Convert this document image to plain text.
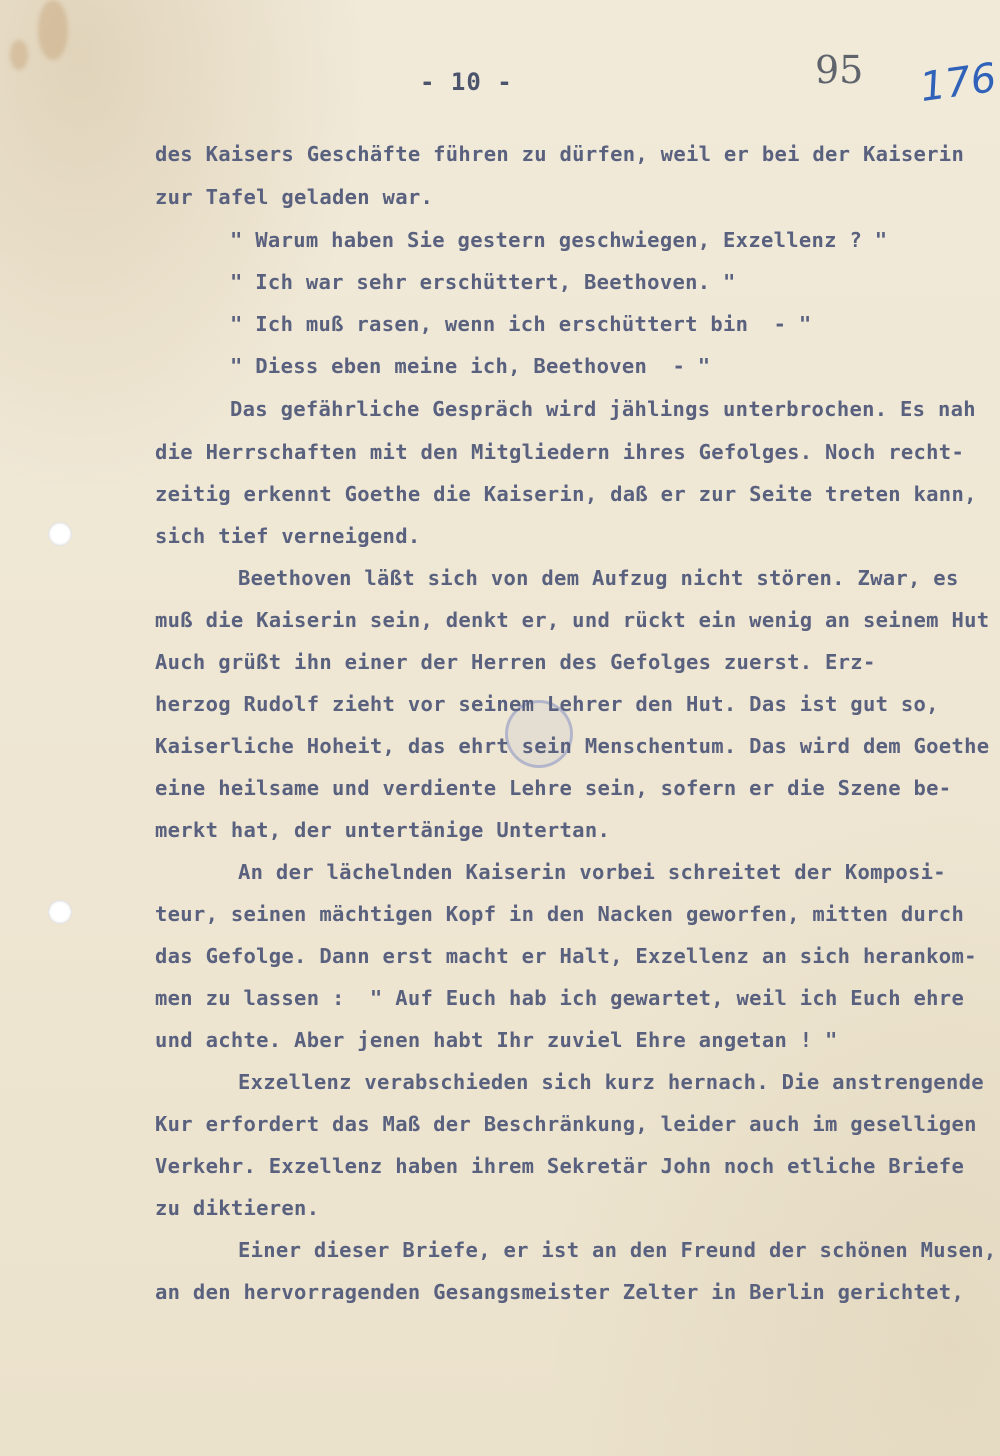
- 10 -	95 176
des Kaisers Geschäfte führen zu dürfen, weil er bei der Kaiserin
zur Tafel geladen war.
" Warum haben Sie gestern geschwiegen, Exzellenz ? "
" Ich war sehr erschüttert, Beethoven. "
" Ich muß rasen, wenn ich erschüttert bin  - "
" Diess eben meine ich, Beethoven  - "
Das gefährliche Gespräch wird jählings unterbrochen. Es nah
die Herrschaften mit den Mitgliedern ihres Gefolges. Noch recht-
zeitig erkennt Goethe die Kaiserin, daß er zur Seite treten kann,
sich tief verneigend.
Beethoven läßt sich von dem Aufzug nicht stören. Zwar, es
muß die Kaiserin sein, denkt er, und rückt ein wenig an seinem Hut
Auch grüßt ihn einer der Herren des Gefolges zuerst. Erz-
herzog Rudolf zieht vor seinem Lehrer den Hut. Das ist gut so,
Kaiserliche Hoheit, das ehrt sein Menschentum. Das wird dem Goethe
eine heilsame und verdiente Lehre sein, sofern er die Szene be-
merkt hat, der untertänige Untertan.
An der lächelnden Kaiserin vorbei schreitet der Komposi-
teur, seinen mächtigen Kopf in den Nacken geworfen, mitten durch
das Gefolge. Dann erst macht er Halt, Exzellenz an sich herankom-
men zu lassen :  " Auf Euch hab ich gewartet, weil ich Euch ehre
und achte. Aber jenen habt Ihr zuviel Ehre angetan ! "
Exzellenz verabschieden sich kurz hernach. Die anstrengende
Kur erfordert das Maß der Beschränkung, leider auch im geselligen
Verkehr. Exzellenz haben ihrem Sekretär John noch etliche Briefe
zu diktieren.
Einer dieser Briefe, er ist an den Freund der schönen Musen,
an den hervorragenden Gesangsmeister Zelter in Berlin gerichtet,
